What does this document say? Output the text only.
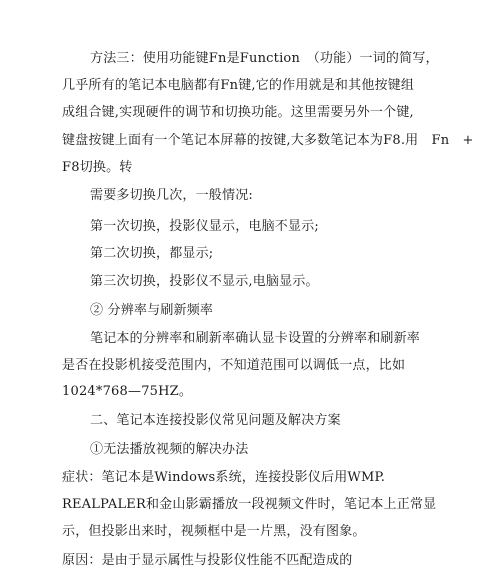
方法三：使用功能键Fn是Function　（功能）一词的简写，
几乎所有的笔记本电脑都有Fn键,它的作用就是和其他按键组
成组合键,实现硬件的调节和切换功能。这里需要另外一个键,
键盘按键上面有一个笔记本屏幕的按键,大多数笔记本为F8.用　Fn　+
F8切换。转
需要多切换几次，一般情况:
第一次切换，投影仪显示，电脑不显示;
第二次切换，都显示;
第三次切换，投影仪不显示,电脑显示。
② 分辨率与刷新频率
笔记本的分辨率和刷新率确认显卡设置的分辨率和刷新率
是否在投影机接受范围内，不知道范围可以调低一点，比如
1024*768—75HZ。
二、笔记本连接投影仪常见问题及解决方案
①无法播放视频的解决办法
症状：笔记本是Windows系统，连接投影仪后用WMP.
REALPALER和金山影霸播放一段视频文件时，笔记本上正常显
示，但投影出来时，视频框中是一片黑，没有图象。
原因：是由于显示属性与投影仪性能不匹配造成的
